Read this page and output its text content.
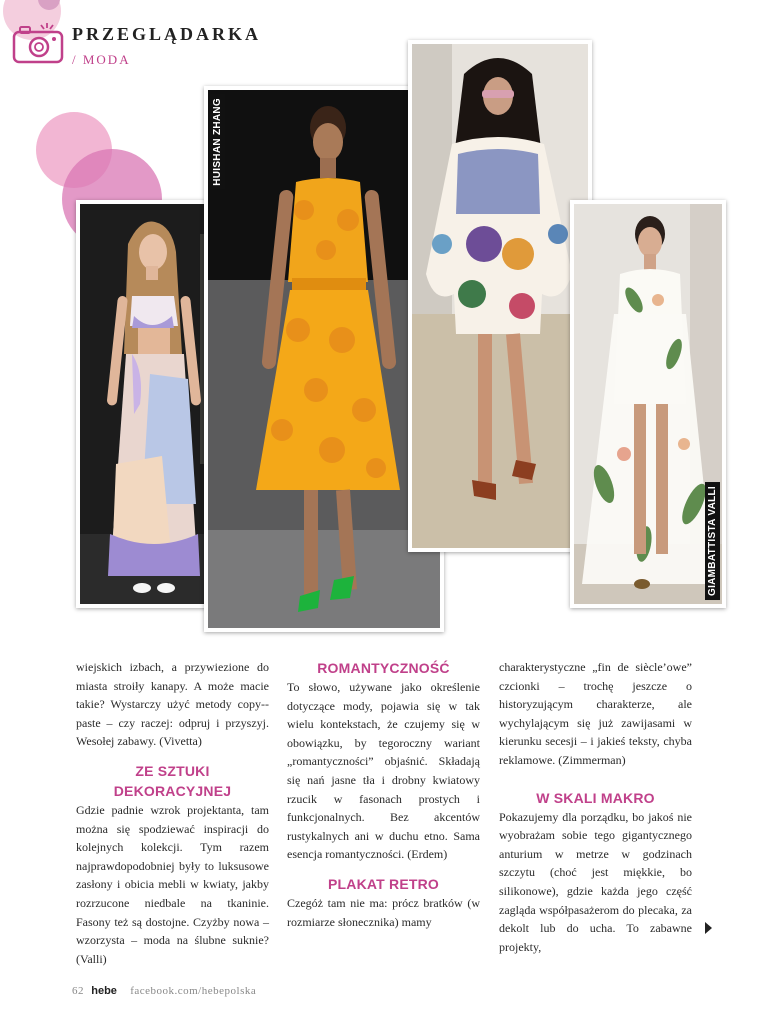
PRZEGLĄDARKA
/ MODA
HUISHAN ZHANG
GIAMBATTISTA VALLI

wiejskich izbach, a przywiezione do miasta stroiły kanapy. A może macie takie? Wystarczy użyć metody copy--paste – czy raczej: odpruj i przyszyj. Wesołej zabawy. (Vivetta)

ZE SZTUKI DEKORACYJNEJ

Gdzie padnie wzrok projektanta, tam można się spodziewać inspiracji do kolejnych kolekcji. Tym razem najprawdopodobniej były to luksusowe zasłony i obicia mebli w kwiaty, jakby rozrzucone niedbale na tkaninie. Fasony też są dostojne. Czyżby nowa – wzorzysta – moda na ślubne suknie? (Valli)

ROMANTYCZNOŚĆ

To słowo, używane jako określenie dotyczące mody, pojawia się w tak wielu kontekstach, że czujemy się w obowiązku, by tegoroczny wariant „romantyczności” objaśnić. Składają się nań jasne tła i drobny kwiatowy rzucik w fasonach prostych i funkcjonalnych. Bez akcentów rustykalnych ani w duchu etno. Sama esencja romantyczności. (Erdem)

PLAKAT RETRO

Czegóż tam nie ma: prócz bratków (w rozmiarze słonecznika) mamy

charakterystyczne „fin de siècle’owe” czcionki – trochę jeszcze o historyzującym charakterze, ale wychylającym się już zawijasami w kierunku secesji – i jakieś teksty, chyba reklamowe. (Zimmerman)

W SKALI MAKRO

Pokazujemy dla porządku, bo jakoś nie wyobrażam sobie tego gigantycznego anturium w metrze w godzinach szczytu (choć jest miękkie, bo silikonowe), gdzie każda jego część zagląda współpasażerom do plecaka, za dekolt lub do ucha. To zabawne projekty,

62 hebe facebook.com/hebepolska
